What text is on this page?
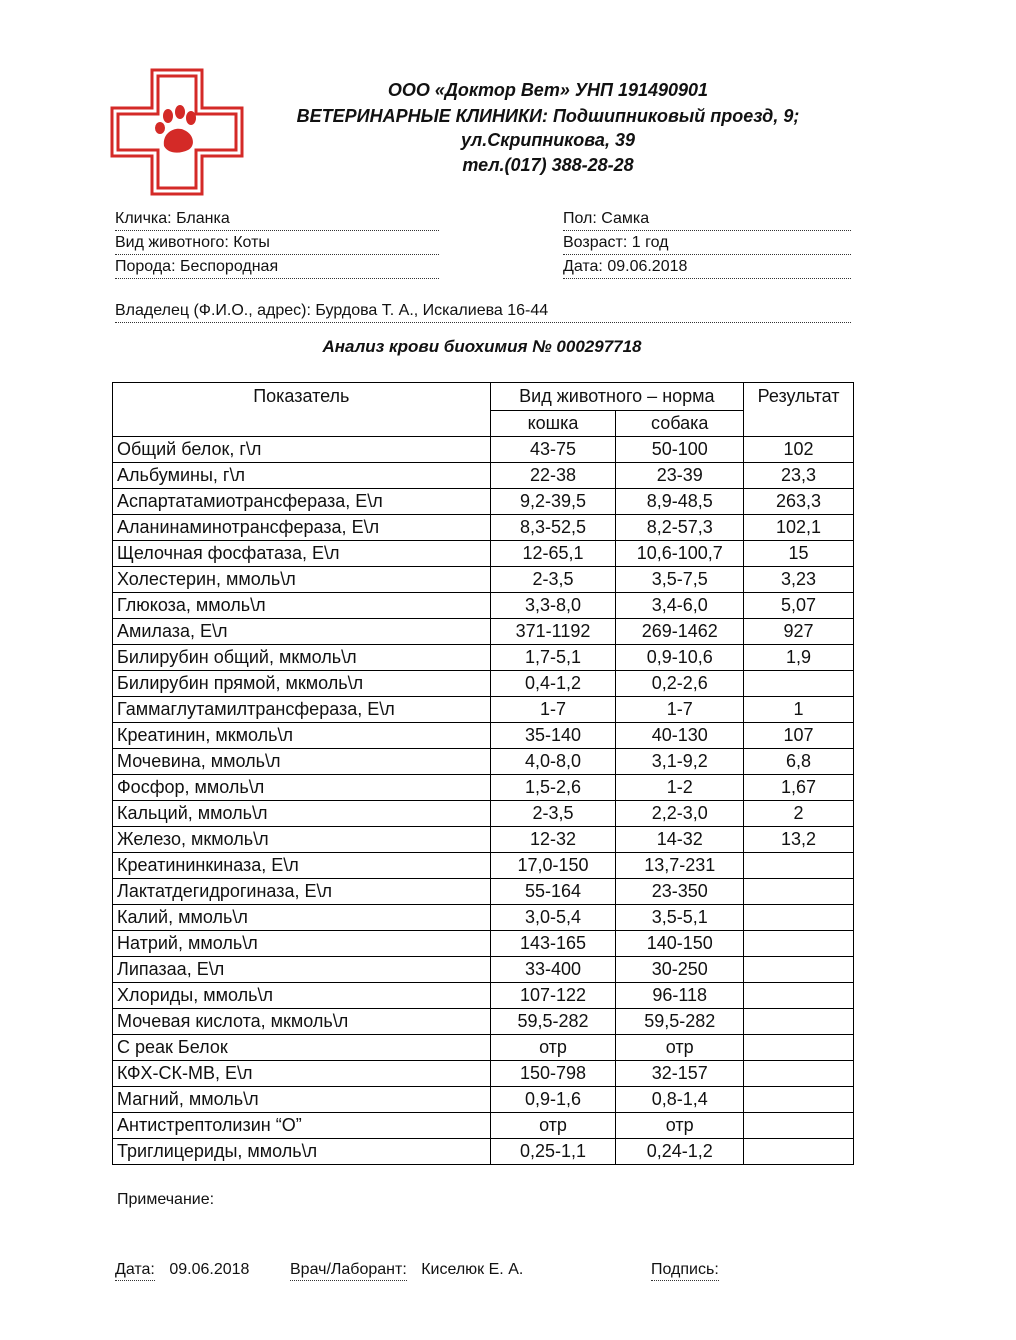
ООО «Доктор Вет» УНП 191490901
ВЕТЕРИНАРНЫЕ КЛИНИКИ: Подшипниковый проезд, 9;
ул.Скрипникова, 39
тел.(017) 388-28-28
Кличка: Бланка
Вид животного: Коты
Порода: Беспородная
Пол: Самка
Возраст: 1 год
Дата: 09.06.2018
Владелец (Ф.И.О., адрес): Бурдова Т. А., Искалиева 16-44
Анализ крови биохимия № 000297718
Показатель	Вид животного – норма		Результат
	кошка	собака	
Общий белок, г\л	43-75	50-100	102
Альбумины, г\л	22-38	23-39	23,3
Аспартатамиотрансфераза, Е\л	9,2-39,5	8,9-48,5	263,3
Аланинаминотрансфераза, Е\л	8,3-52,5	8,2-57,3	102,1
Щелочная фосфатаза, Е\л	12-65,1	10,6-100,7	15
Холестерин, ммоль\л	2-3,5	3,5-7,5	3,23
Глюкоза, ммоль\л	3,3-8,0	3,4-6,0	5,07
Амилаза, Е\л	371-1192	269-1462	927
Билирубин общий, мкмоль\л	1,7-5,1	0,9-10,6	1,9
Билирубин прямой, мкмоль\л	0,4-1,2	0,2-2,6	
Гаммаглутамилтрансфераза, Е\л	1-7	1-7	1
Креатинин, мкмоль\л	35-140	40-130	107
Мочевина, ммоль\л	4,0-8,0	3,1-9,2	6,8
Фосфор, ммоль\л	1,5-2,6	1-2	1,67
Кальций, ммоль\л	2-3,5	2,2-3,0	2
Железо, мкмоль\л	12-32	14-32	13,2
Креатининкиназа, Е\л	17,0-150	13,7-231	
Лактатдегидрогиназа, Е\л	55-164	23-350	
Калий, ммоль\л	3,0-5,4	3,5-5,1	
Натрий, ммоль\л	143-165	140-150	
Липазаа, Е\л	33-400	30-250	
Хлориды, ммоль\л	107-122	96-118	
Мочевая кислота, мкмоль\л	59,5-282	59,5-282	
С реак Белок	отр	отр	
КФХ-СК-МВ, Е\л	150-798	32-157	
Магний, ммоль\л	0,9-1,6	0,8-1,4	
Антистрептолизин “О”	отр	отр	
Триглицериды, ммоль\л	0,25-1,1	0,24-1,2	
Примечание:
Дата: 09.06.2018	Врач/Лаборант: Киселюк Е. А.	Подпись:
